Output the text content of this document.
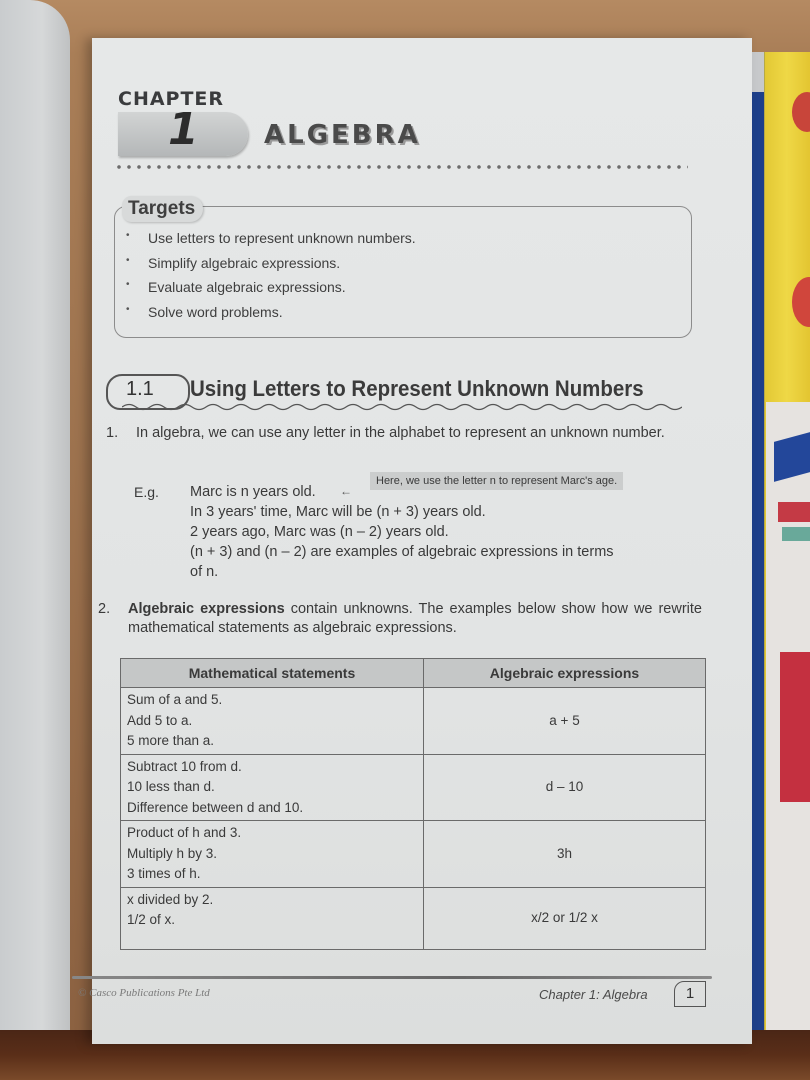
CHAPTER
1	ALGEBRA
Targets
• Use letters to represent unknown numbers.
• Simplify algebraic expressions.
• Evaluate algebraic expressions.
• Solve word problems.
1.1 Using Letters to Represent Unknown Numbers
1. In algebra, we can use any letter in the alphabet to represent an unknown number.
E.g. Marc is n years old.
In 3 years' time, Marc will be (n + 3) years old.
2 years ago, Marc was (n – 2) years old.
(n + 3) and (n – 2) are examples of algebraic expressions in terms
of n.
←
Here, we use the letter n to represent Marc's age.
2. Algebraic expressions contain unknowns. The examples below show how we rewrite mathematical statements as algebraic expressions.
Mathematical statements	Algebraic expressions

Sum of a and 5.
Add 5 to a.
5 more than a.	a + 5

Subtract 10 from d.
10 less than d.
Difference between d and 10.	d – 10

Product of h and 3.
Multiply h by 3.
3 times of h.	3h

x divided by 2.
1/2 of x.	x/2 or 1/2 x
© Casco Publications Pte Ltd	Chapter 1: Algebra	1
